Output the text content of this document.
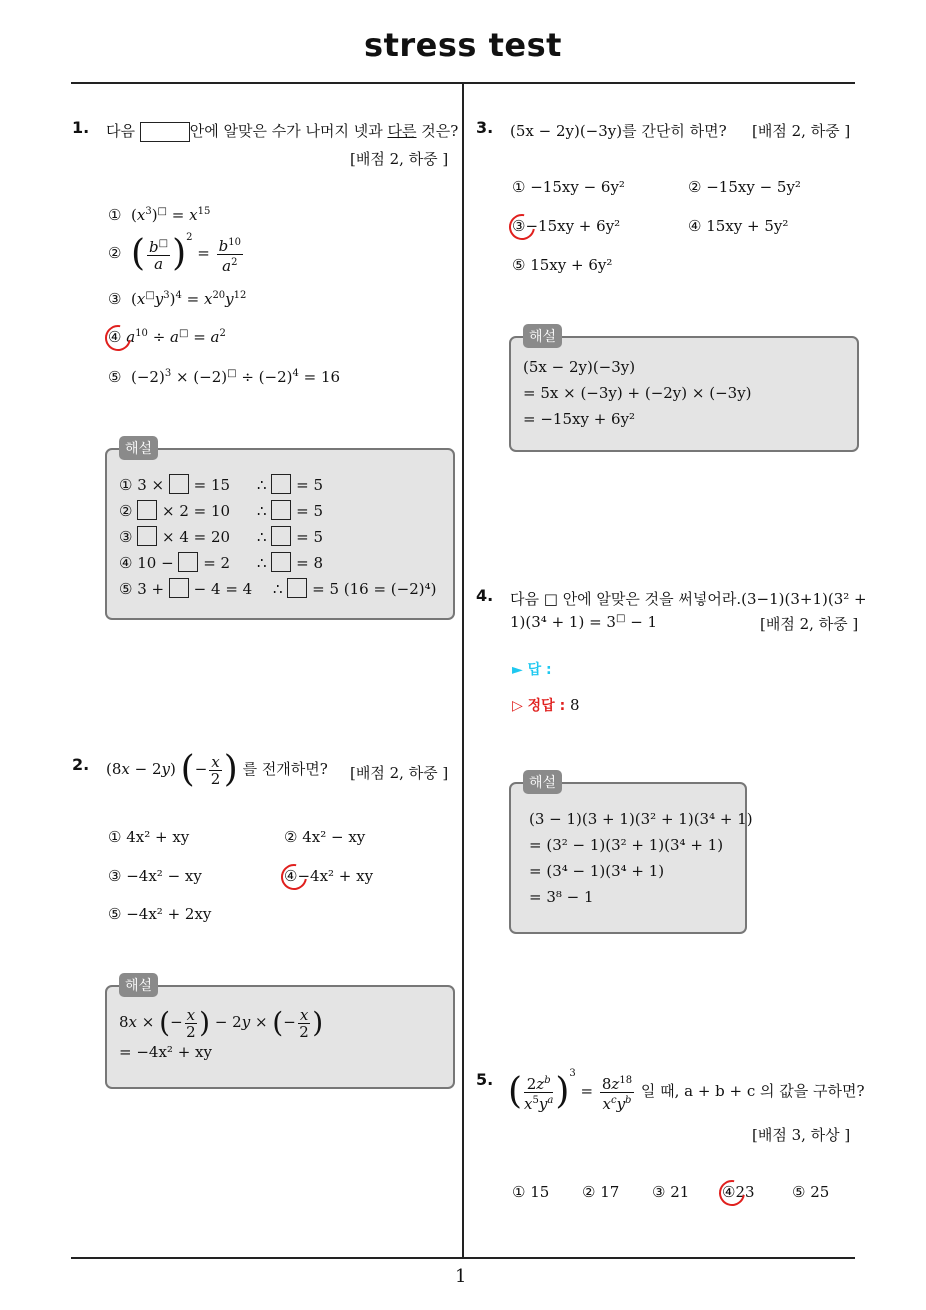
stress test
1
1. 다음	안에 알맞은 수가 나머지 넷과 다른 것은?
[배점 2, 하중 ]
①  $(x^3)^□ = x^{15}$
② ( $\frac{b^□}{a} )^2 = \frac{b^{10}}{a^2}$
③  $(x^□y^3)^4 = x^{20}y^{12}$
④ $a^{10} \div a^□ = a^2$
⑤  $(-2)^3 \times (-2)^□ \div (-2)^4 = 16$
① 3 × = 15 ∴ = 5
② × 2 = 10 ∴ = 5
③ × 4 = 20 ∴ = 5
④ 10 − = 2 ∴ = 8
⑤ 3 + − 4 = 4 ∴ = 5 (16 = (−2)⁴)
해설
2. (8x − 2y) (− $\frac{x}{2}$ ) 를 전개하면? [배점 2, 하중 ]
① 4x² + xy	② 4x² − xy
③ −4x² − xy	④−4x² + xy
⑤ −4x² + 2xy
8x × (− $\frac{x}{2}$ ) − 2y × (− $\frac{x}{2}$ )
= −4x² + xy
해설
3. (5x − 2y)(−3y)를 간단히 하면? [배점 2, 하중 ]
① −15xy − 6y²	② −15xy − 5y²
③−15xy + 6y²	④ 15xy + 5y²
⑤ 15xy + 6y²
(5x − 2y)(−3y)
= 5x × (−3y) + (−2y) × (−3y)
= −15xy + 6y²
해설
4. 다음 □ 안에 알맞은 것을 써넣어라.(3−1)(3+1)(3² +
1)(3⁴ + 1) = 3□ − 1	[배점 2, 하중 ]
► 답 :
▷ 정답 : 8
(3 − 1)(3 + 1)(3² + 1)(3⁴ + 1)
= (3² − 1)(3² + 1)(3⁴ + 1)
= (3⁴ − 1)(3⁴ + 1)
= 3⁸ − 1
해설
5. ( $\frac{2z^b}{x^5y^a} )^3 = \frac{8z^{18}}{x^cy^b}$ 일 때, a + b + c 의 값을 구하면?
[배점 3, 하상 ]
① 15 ② 17 ③ 21 ④23 ⑤ 25
